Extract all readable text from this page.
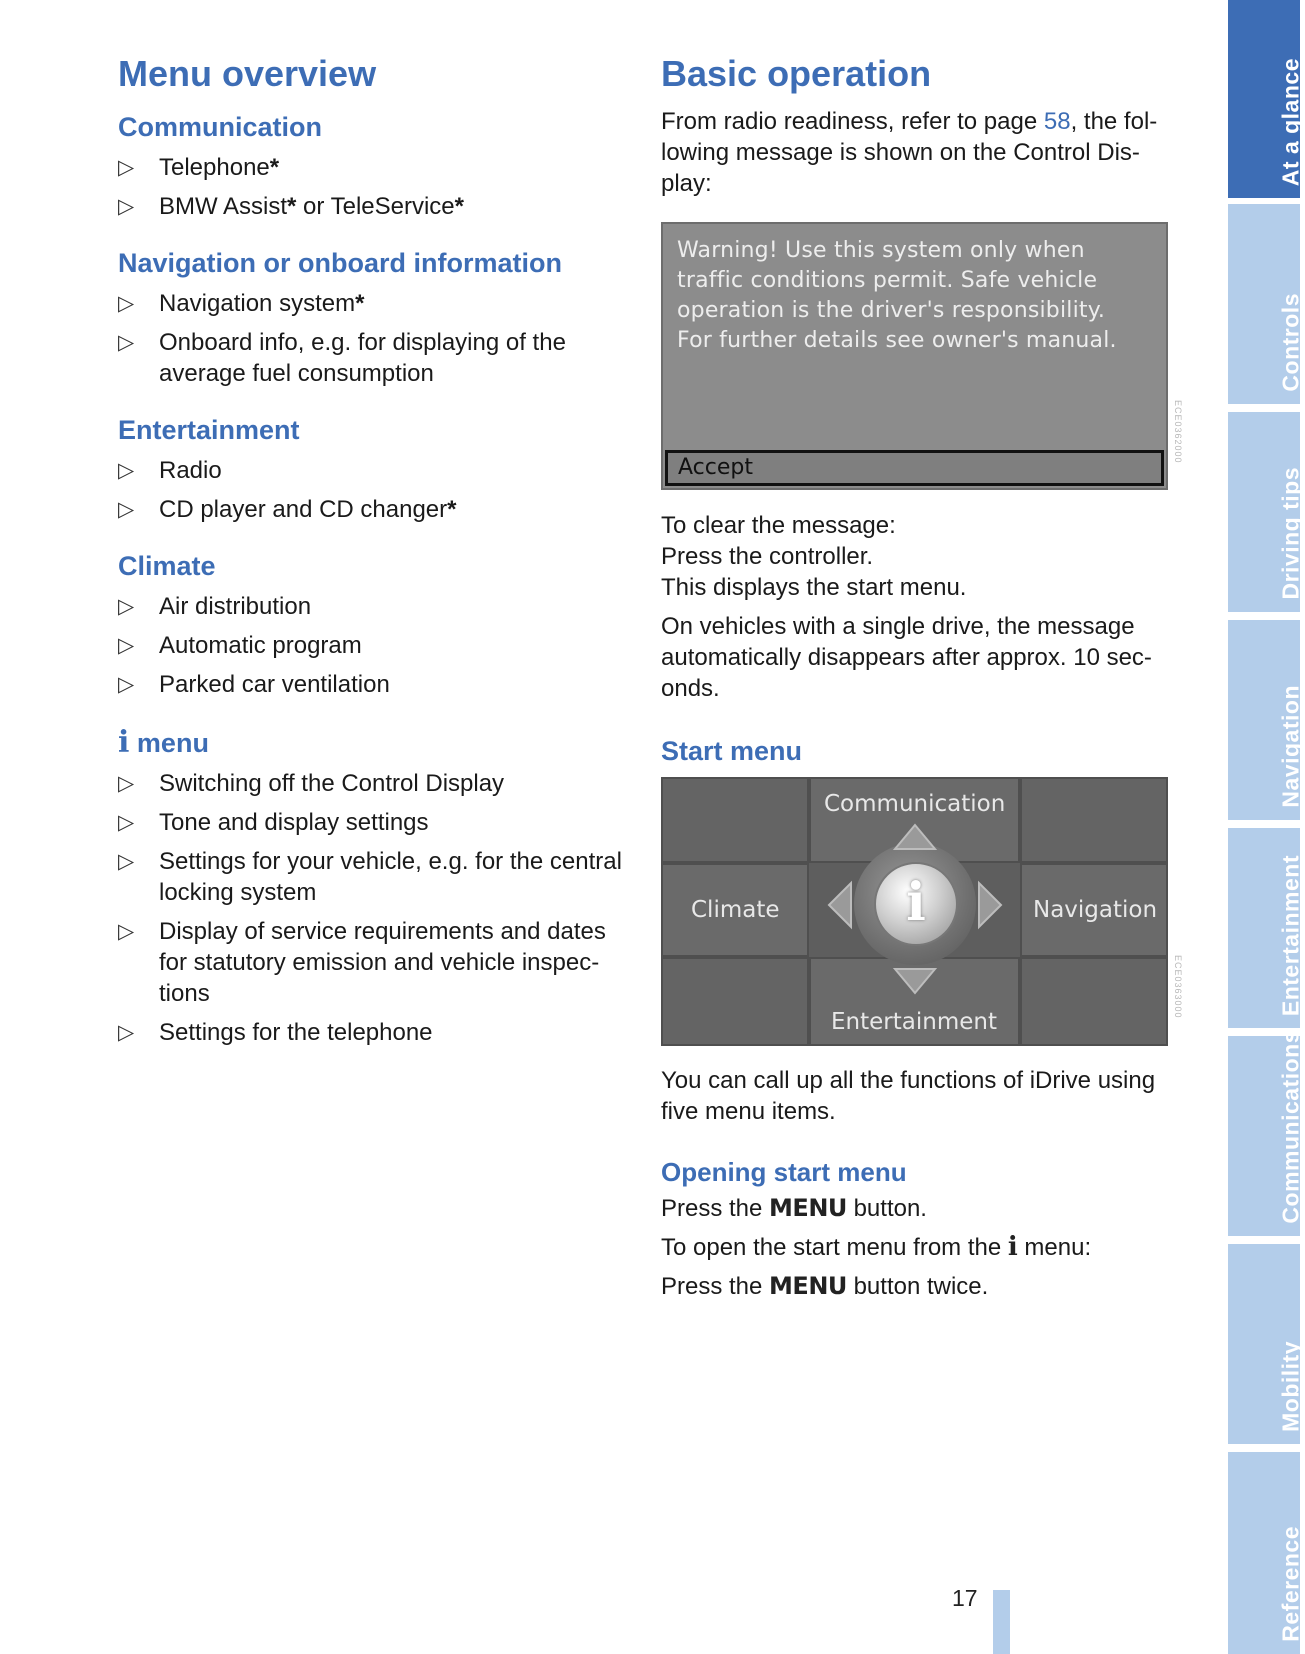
Menu overview
Communication
▷ Telephone*
▷ BMW Assist* or TeleService*
Navigation or onboard information
▷ Navigation system*
▷ Onboard info, e.g. for displaying of the average fuel consumption
Entertainment
▷ Radio
▷ CD player and CD changer*
Climate
▷ Air distribution
▷ Automatic program
▷ Parked car ventilation
i menu
▷ Switching off the Control Display
▷ Tone and display settings
▷ Settings for your vehicle, e.g. for the central locking system
▷ Display of service requirements and dates for statutory emission and vehicle inspec-tions
▷ Settings for the telephone
Basic operation

From radio readiness, refer to page 58, the fol-lowing message is shown on the Control Dis-play:

Warning! Use this system only when traffic conditions permit. Safe vehicle operation is the driver's responsibility. For further details see owner's manual.
Accept
ECE0362000

To clear the message:

Press the controller.

This displays the start menu.

On vehicles with a single drive, the message automatically disappears after approx. 10 sec-onds.

Start menu
Communication
Climate	Navigation
Entertainment
i
ECE0363000

You can call up all the functions of iDrive using five menu items.

Opening start menu

Press the MENU button.

To open the start menu from the i menu:

Press the MENU button twice.

At a glance
Controls
Driving tips
Navigation
Entertainment
Communications
Mobility
Reference
17
